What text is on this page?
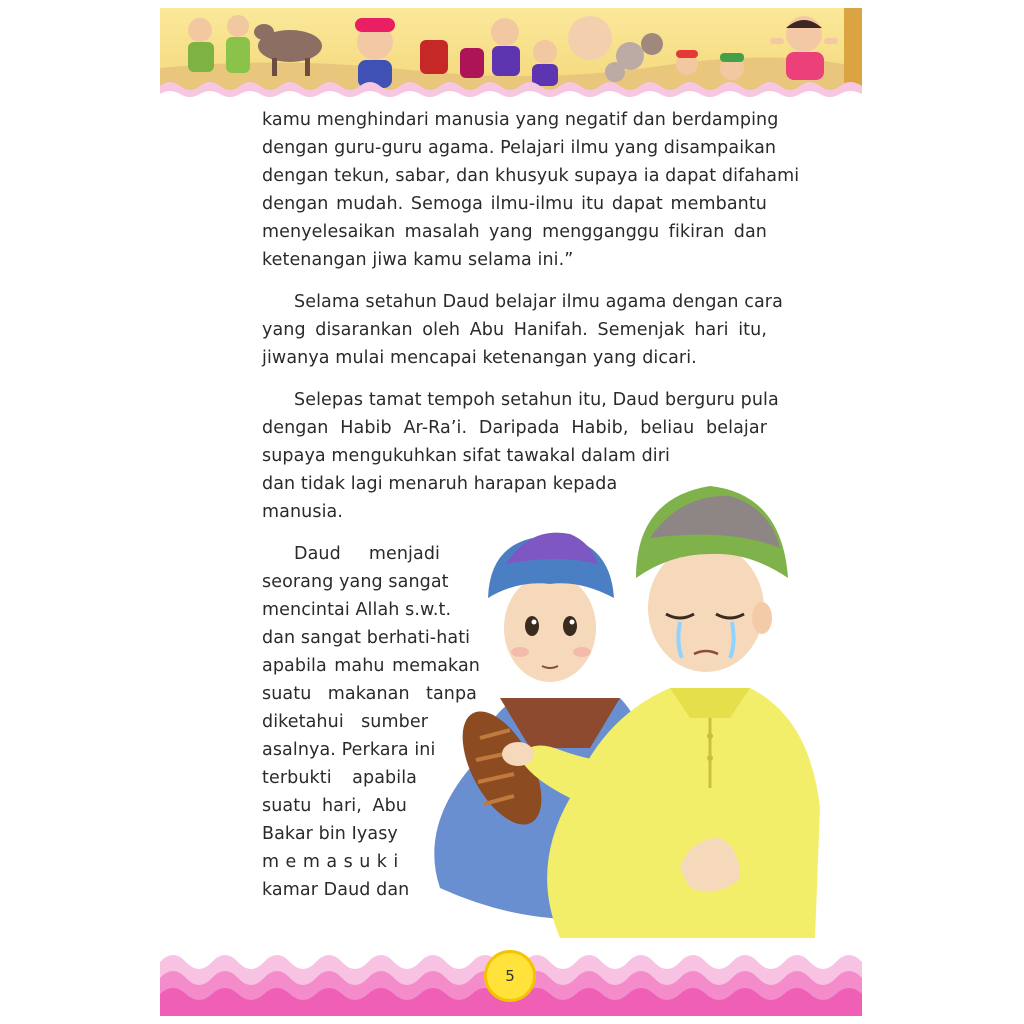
kamu menghindari manusia yang negatif dan berdamping
dengan guru-guru agama. Pelajari ilmu yang disampaikan
dengan tekun, sabar, dan khusyuk supaya ia dapat difahami
dengan mudah. Semoga ilmu-ilmu itu dapat membantu
menyelesaikan masalah yang mengganggu fikiran dan
ketenangan jiwa kamu selama ini.”
Selama setahun Daud belajar ilmu agama dengan cara
yang disarankan oleh Abu Hanifah. Semenjak hari itu,
jiwanya mulai mencapai ketenangan yang dicari.
Selepas tamat tempoh setahun itu, Daud berguru pula
dengan Habib Ar-Ra’i. Daripada Habib, beliau belajar
supaya mengukuhkan sifat tawakal dalam diri
dan tidak lagi menaruh harapan kepada
manusia.
Daud menjadi
seorang yang sangat
mencintai Allah s.w.t.
dan sangat berhati-hati
apabila mahu memakan
suatu makanan tanpa
diketahui sumber
asalnya. Perkara ini
terbukti apabila
suatu hari, Abu
Bakar bin Iyasy
memasuki
kamar Daud dan
5
